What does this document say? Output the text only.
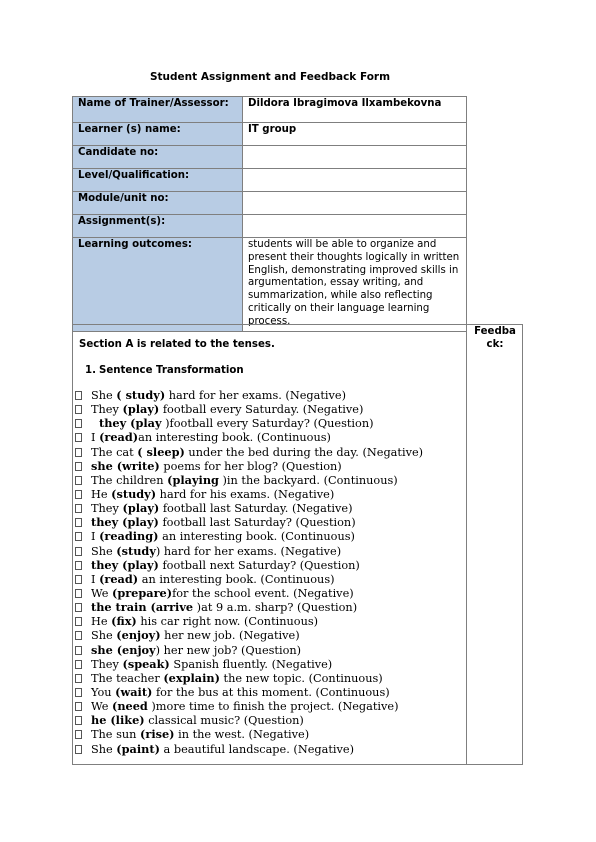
Student Assignment and Feedback Form
Name of Trainer/Assessor:	Dildora Ibragimova Ilxambekovna
Learner (s) name:	IT group
Candidate no:	
Level/Qualification:	
Module/unit no:	
Assignment(s):	
Learning outcomes:	students will be able to organize and present their thoughts logically in written English, demonstrating improved skills in argumentation, essay writing, and summarization, while also reflecting critically on their language learning process.
Feedba
ck:
Section A is related to the tenses.
1. Sentence Transformation
She ( study) hard for her exams. (Negative)
They (play) football every Saturday. (Negative)
they (play )football every Saturday? (Question)
I (read)an interesting book. (Continuous)
The cat ( sleep) under the bed during the day. (Negative)
she (write) poems for her blog? (Question)
The children (playing )in the backyard. (Continuous)
He (study) hard for his exams. (Negative)
They (play) football last Saturday. (Negative)
they (play) football last Saturday? (Question)
I (reading) an interesting book. (Continuous)
She (study) hard for her exams. (Negative)
they (play) football next Saturday? (Question)
I (read) an interesting book. (Continuous)
We (prepare)for the school event. (Negative)
the train (arrive )at 9 a.m. sharp? (Question)
He (fix) his car right now. (Continuous)
She (enjoy) her new job. (Negative)
she (enjoy) her new job? (Question)
They (speak) Spanish fluently. (Negative)
The teacher (explain) the new topic. (Continuous)
You (wait) for the bus at this moment. (Continuous)
We (need )more time to finish the project. (Negative)
he (like) classical music? (Question)
The sun (rise) in the west. (Negative)
She (paint) a beautiful landscape. (Negative)
